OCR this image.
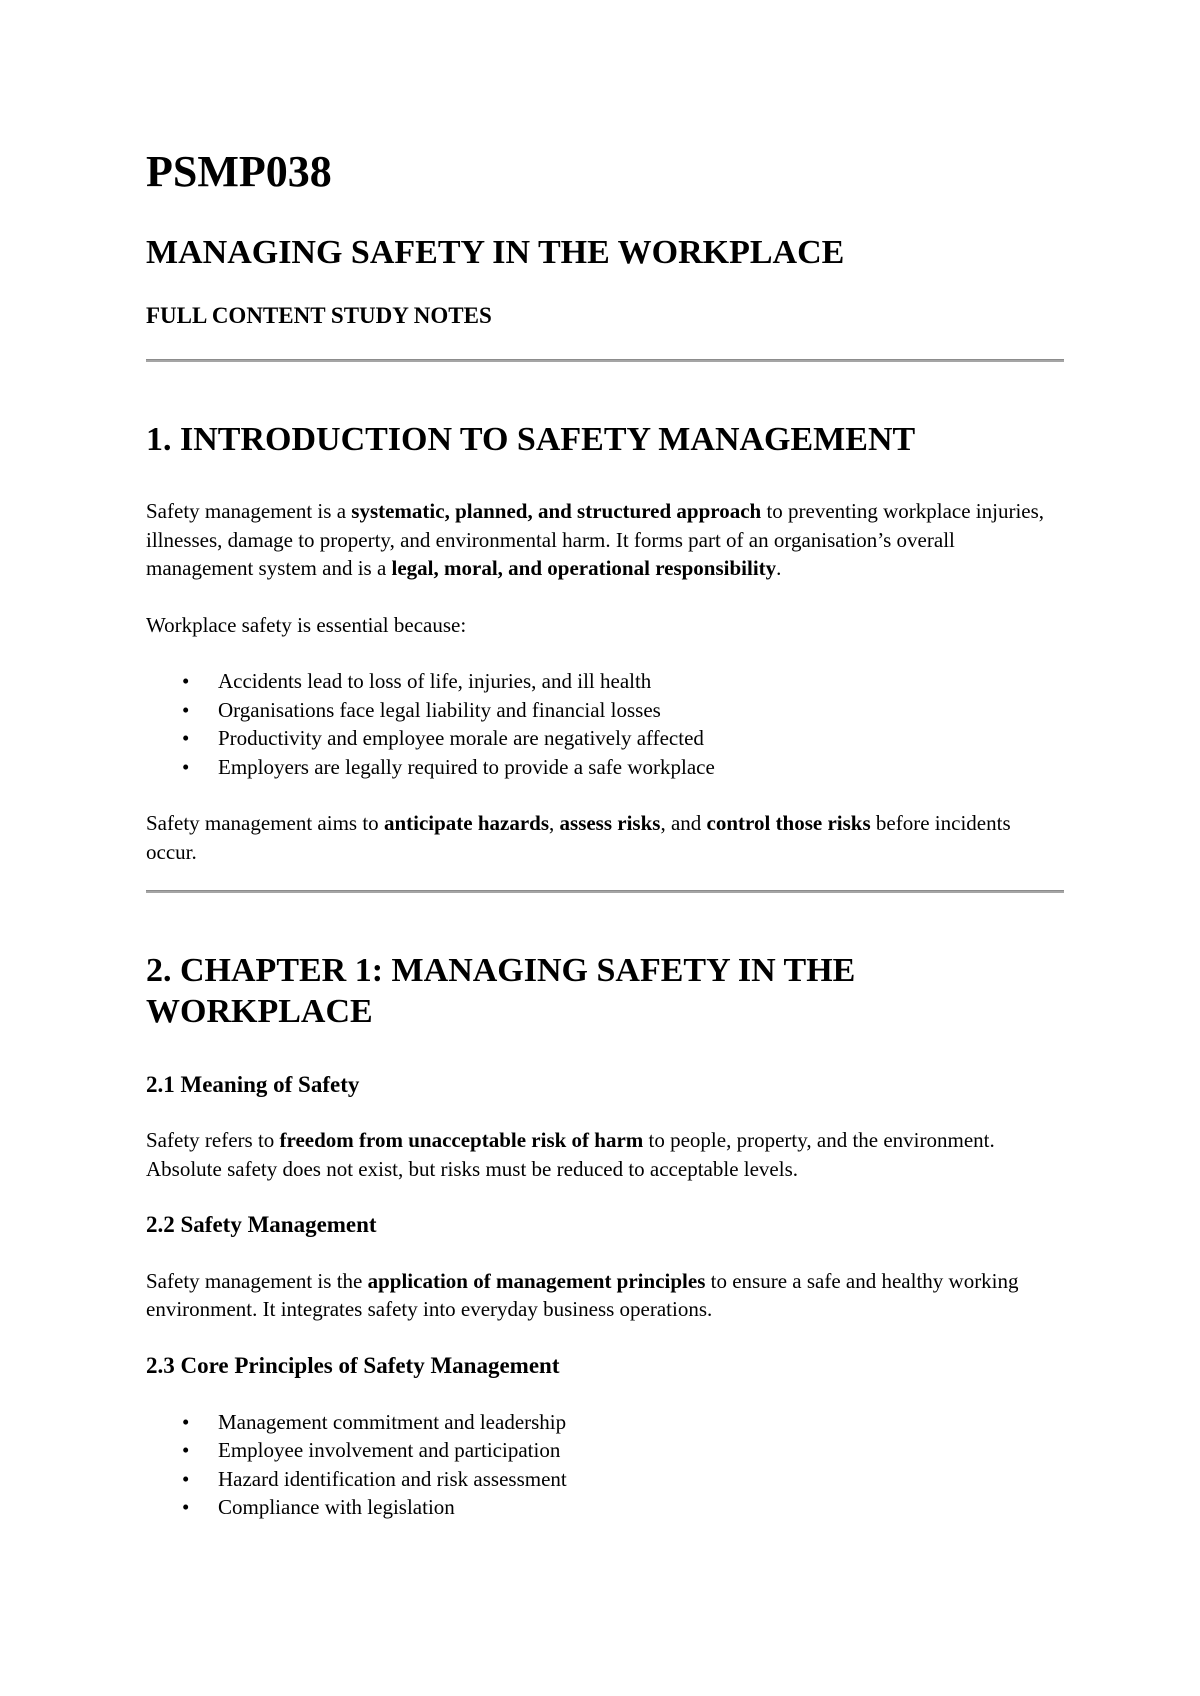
PSMP038
MANAGING SAFETY IN THE WORKPLACE
FULL CONTENT STUDY NOTES
1. INTRODUCTION TO SAFETY MANAGEMENT

Safety management is a systematic, planned, and structured approach to preventing workplace injuries, illnesses, damage to property, and environmental harm. It forms part of an organisation’s overall management system and is a legal, moral, and operational responsibility.

Workplace safety is essential because:

• Accidents lead to loss of life, injuries, and ill health
• Organisations face legal liability and financial losses
• Productivity and employee morale are negatively affected
• Employers are legally required to provide a safe workplace

Safety management aims to anticipate hazards, assess risks, and control those risks before incidents occur.

2. CHAPTER 1: MANAGING SAFETY IN THE WORKPLACE
2.1 Meaning of Safety

Safety refers to freedom from unacceptable risk of harm to people, property, and the environment. Absolute safety does not exist, but risks must be reduced to acceptable levels.

2.2 Safety Management

Safety management is the application of management principles to ensure a safe and healthy working environment. It integrates safety into everyday business operations.

2.3 Core Principles of Safety Management
• Management commitment and leadership
• Employee involvement and participation
• Hazard identification and risk assessment
• Compliance with legislation
